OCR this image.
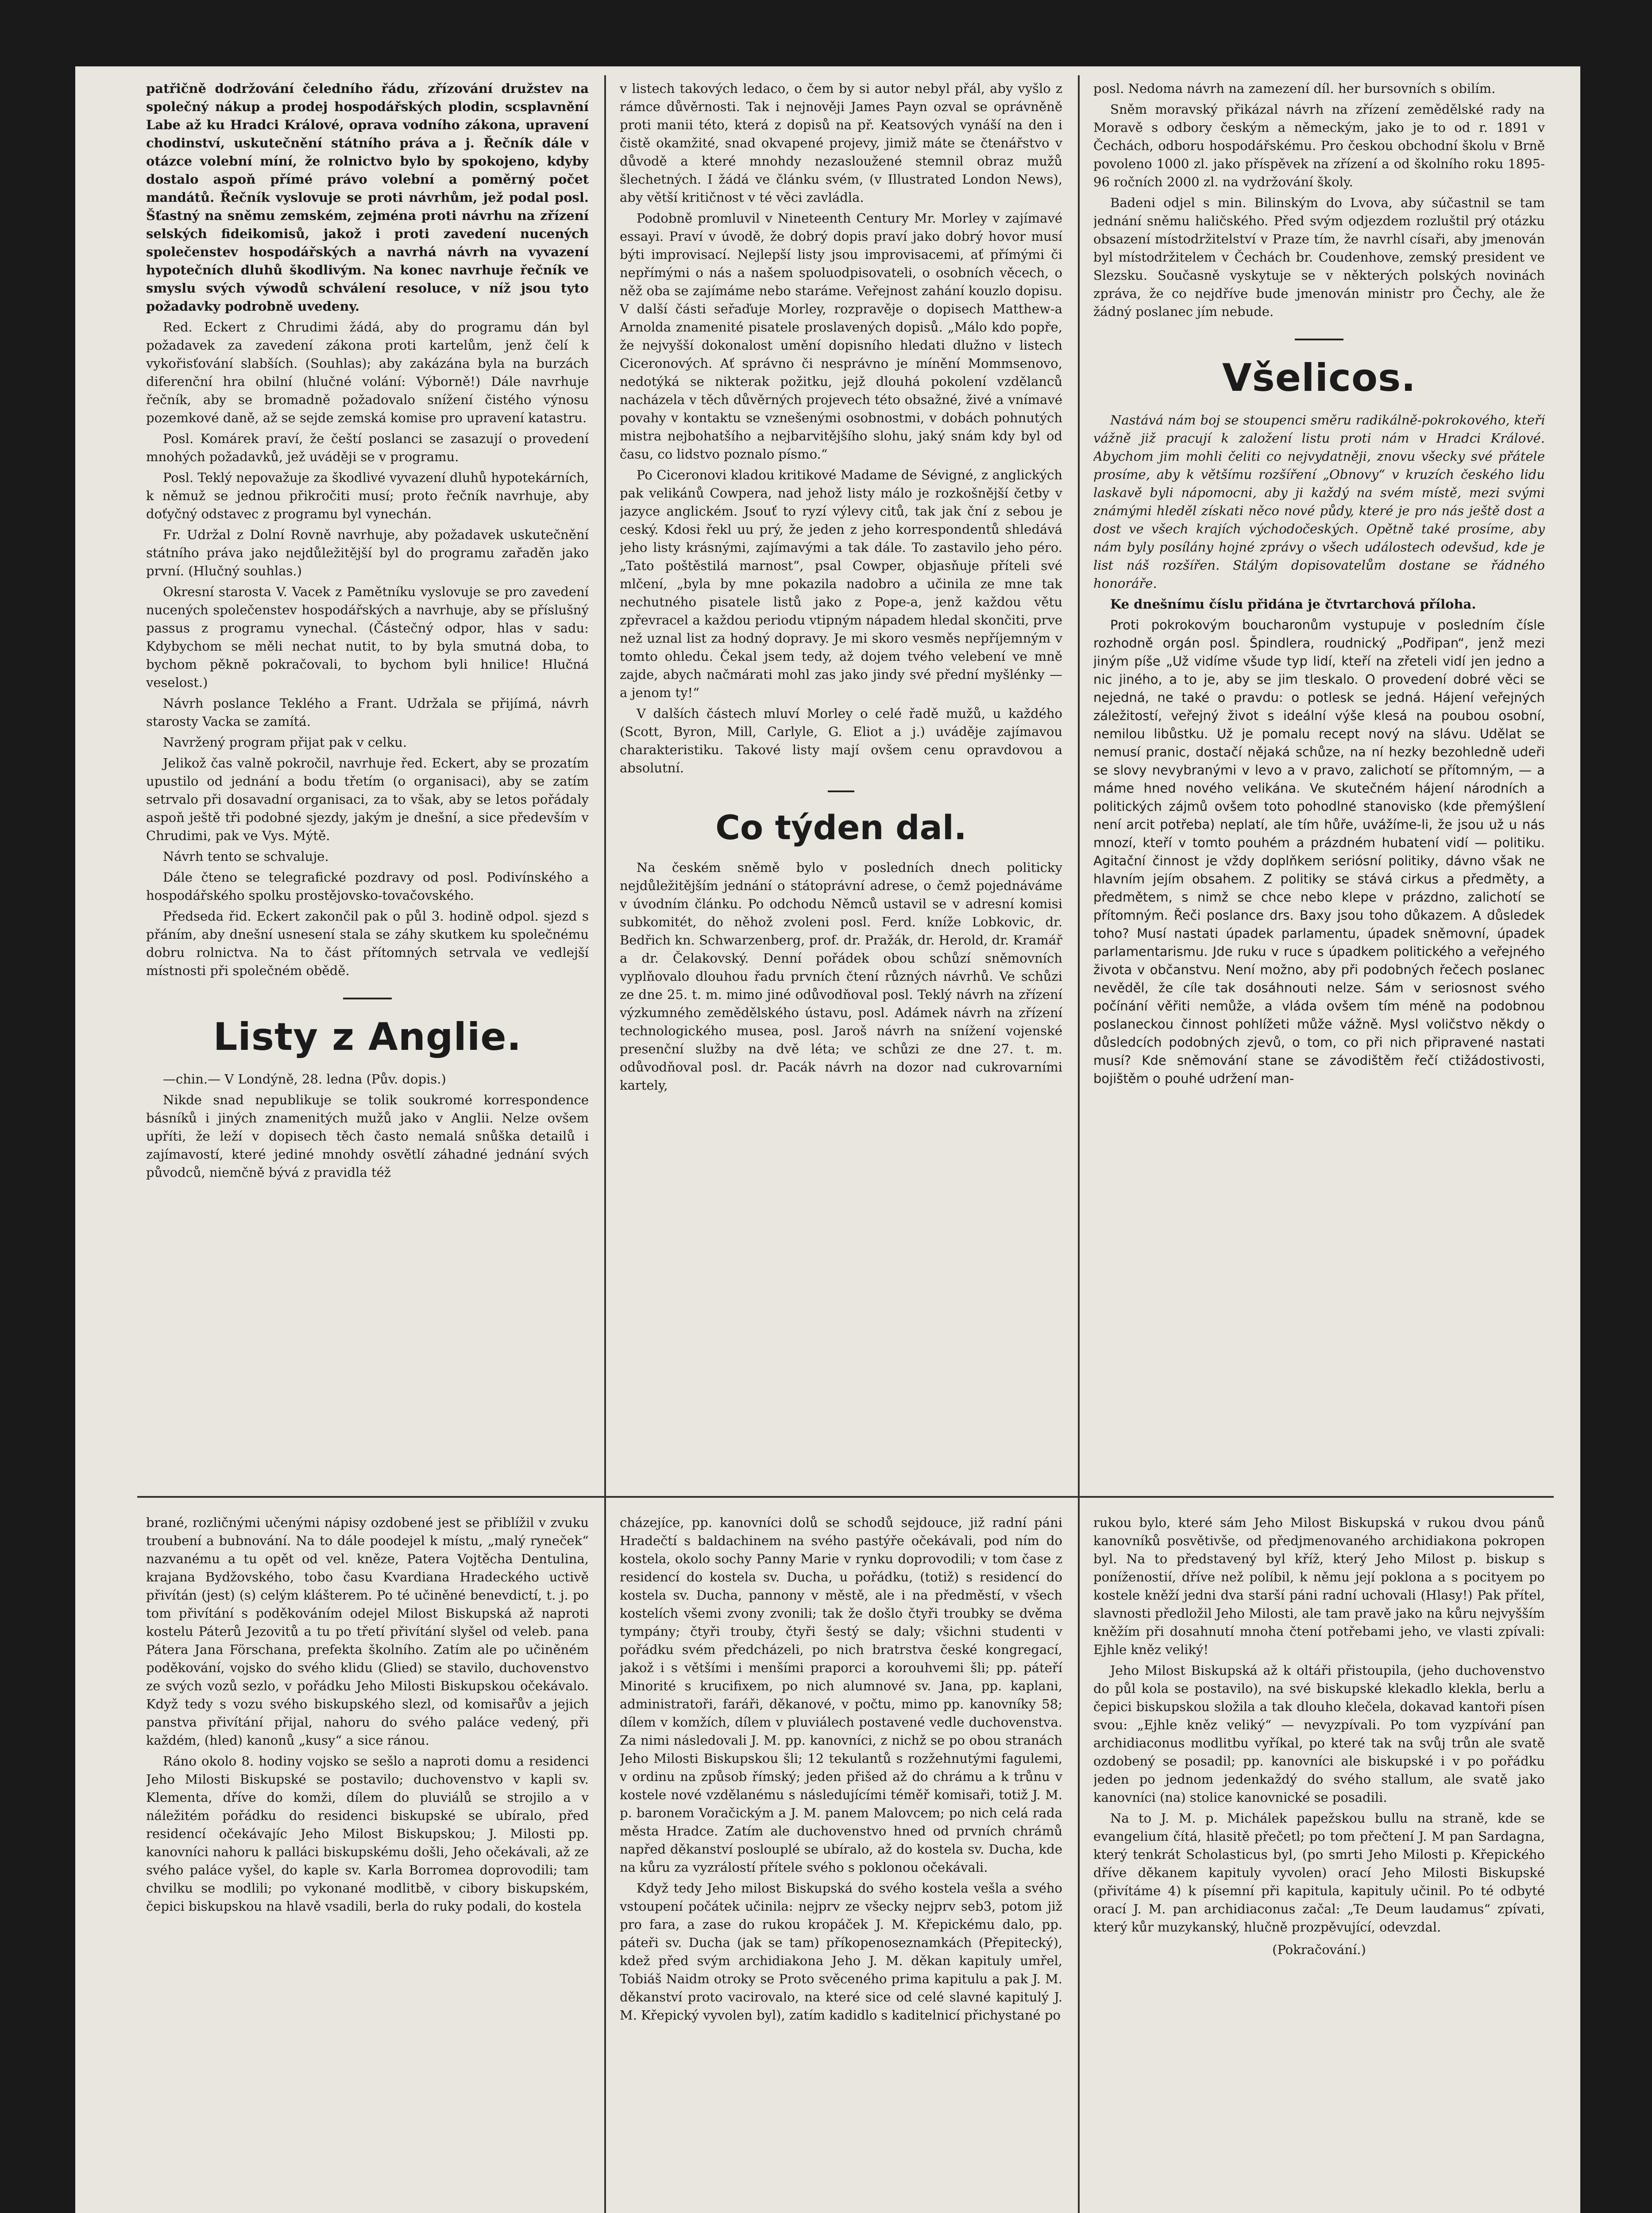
patřičně dodržování čeledního řádu, zřízování družstev na společný nákup a prodej hospodářských plodin, scsplavnění Labe až ku Hradci Králové, oprava vodního zákona, upravení chodinství, uskutečnění státního práva a j. Řečník dále v otázce volební míní, že rolnictvo bylo by spokojeno, kdyby dostalo aspoň přímé právo volební a poměrný počet mandátů. Řečník vyslovuje se proti návrhům, jež podal posl. Šťastný na sněmu zemském, zejména proti návrhu na zřízení selských fideikomisů, jakož i proti zavedení nucených společenstev hospodářských a navrhá návrh na vyvazení hypotečních dluhů škodlivým. Na konec navrhuje řečník ve smyslu svých výwodů schválení resoluce, v níž jsou tyto požadavky podrobně uvedeny.

Red. Eckert z Chrudimi žádá, aby do programu dán byl požadavek za zavedení zákona proti kartelům, jenž čelí k vykořisťování slabších. (Souhlas); aby zakázána byla na burzách diferenční hra obilní (hlučné volání: Výborně!) Dále navrhuje řečník, aby se bromadně požadovalo snížení čistého výnosu pozemkové daně, až se sejde zemská komise pro upravení katastru.

Posl. Komárek praví, že čeští poslanci se zasazují o provedení mnohých požadavků, jež uváději se v programu.

Posl. Teklý nepovažuje za škodlivé vyvazení dluhů hypotekárních, k němuž se jednou přikročiti musí; proto řečník navrhuje, aby doťyčný odstavec z programu byl vynechán.

Fr. Udržal z Dolní Rovně navrhuje, aby požadavek uskutečnění státního práva jako nejdůležitější byl do programu zařaděn jako první. (Hlučný souhlas.)

Okresní starosta V. Vacek z Pamětníku vyslovuje se pro zavedení nucených společenstev hospodářských a navrhuje, aby se příslušný passus z programu vynechal. (Částečný odpor, hlas v sadu: Kdybychom se měli nechat nutit, to by byla smutná doba, to bychom pěkně pokračovali, to bychom byli hnilice! Hlučná veselost.)

Návrh poslance Teklého a Frant. Udržala se přijímá, návrh starosty Vacka se zamítá.

Navržený program přijat pak v celku.

Jelikož čas valně pokročil, navrhuje řed. Eckert, aby se prozatím upustilo od jednání a bodu třetím (o organisaci), aby se zatím setrvalo při dosavadní organisaci, za to však, aby se letos pořádaly aspoň ještě tři podobné sjezdy, jakým je dnešní, a sice především v Chrudimi, pak ve Vys. Mýtě.

Návrh tento se schvaluje.

Dále čteno se telegrafické pozdravy od posl. Podivínského a hospodářského spolku prostějovsko-tovačovského.

Předseda řid. Eckert zakončil pak o půl 3. hodině odpol. sjezd s přáním, aby dnešní usnesení stala se záhy skutkem ku společnému dobru rolnictva. Na to část přítomných setrvala ve vedlejší místnosti při společném obědě.

Listy z Anglie.

—chin.— V Londýně, 28. ledna (Pův. dopis.)

Nikde snad nepublikuje se tolik soukromé korrespondence básníků i jiných znamenitých mužů jako v Anglii. Nelze ovšem upříti, že leží v dopisech těch často nemalá snůška detailů i zajímavostí, které jediné mnohdy osvětlí záhadné jednání svých původců, niemčně bývá z pravidla též

v listech takových ledaco, o čem by si autor nebyl přál, aby vyšlo z rámce důvěrnosti. Tak i nejnověji James Payn ozval se oprávněně proti manii této, která z dopisů na př. Keatsových vynáší na den i čistě okamžité, snad okvapené projevy, jimiž máte se čtenářstvo v důvodě a které mnohdy nezasloužené stemnil obraz mužů šlechetných. I žádá ve článku svém, (v Illustrated London News), aby větší kritičnost v té věci zavládla.

Podobně promluvil v Nineteenth Century Mr. Morley v zajímavé essayi. Praví v úvodě, že dobrý dopis praví jako dobrý hovor musí býti improvisací. Nejlepší listy jsou improvisacemi, ať přímými či nepřímými o nás a našem spoluodpisovateli, o osobních věcech, o něž oba se zajímáme nebo staráme. Veřejnost zahání kouzlo dopisu. V další části seřaďuje Morley, rozpravěje o dopisech Matthew-a Arnolda znamenité pisatele proslavených dopisů. „Málo kdo popře, že nejvyšší dokonalost umění dopisního hledati dlužno v listech Ciceronových. Ať správno či nesprávno je mínění Mommsenovo, nedotýká se nikterak požitku, jejž dlouhá pokolení vzdělanců nacházela v těch důvěrných projevech této obsažné, živé a vnímavé povahy v kontaktu se vznešenými osobnostmi, v dobách pohnutých mistra nejbohatšího a nejbarvitějšího slohu, jaký snám kdy byl od času, co lidstvo poznalo písmo.“

Po Ciceronovi kladou kritikové Madame de Sévigné, z anglických pak velikánů Cowpera, nad jehož listy málo je rozkošnější četby v jazyce anglickém. Jsouť to ryzí výlevy citů, tak jak ční z sebou je ceský. Kdosi řekl uu prý, že jeden z jeho korrespondentů shledává jeho listy krásnými, zajímavými a tak dále. To zastavilo jeho péro. „Tato poštěstilá marnost“, psal Cowper, objasňuje příteli své mlčení, „byla by mne pokazila nadobro a učinila ze mne tak nechutného pisatele listů jako z Pope-a, jenž každou větu zpřevracel a každou periodu vtipným nápadem hledal skončiti, prve než uznal list za hodný dopravy. Je mi skoro vesměs nepříjemným v tomto ohledu. Čekal jsem tedy, až dojem tvého velebení ve mně zajde, abych načmárati mohl zas jako jindy své přední myšlénky — a jenom ty!“

V dalších částech mluví Morley o celé řadě mužů, u každého (Scott, Byron, Mill, Carlyle, G. Eliot a j.) uváděje zajímavou charakteristiku. Takové listy mají ovšem cenu opravdovou a absolutní.

Co týden dal.

Na českém sněmě bylo v posledních dnech politicky nejdůležitějším jednání o státoprávní adrese, o čemž pojednáváme v úvodním článku. Po odchodu Němců ustavil se v adresní komisi subkomitét, do něhož zvoleni posl. Ferd. kníže Lobkovic, dr. Bedřich kn. Schwarzenberg, prof. dr. Pražák, dr. Herold, dr. Kramář a dr. Čelakovský. Denní pořádek obou schůzí sněmovních vyplňovalo dlouhou řadu prvních čtení různých návrhů. Ve schůzi ze dne 25. t. m. mimo jiné odůvodňoval posl. Teklý návrh na zřízení výzkumného zemědělského ústavu, posl. Adámek návrh na zřízení technologického musea, posl. Jaroš návrh na snížení vojenské presenční služby na dvě léta; ve schůzi ze dne 27. t. m. odůvodňoval posl. dr. Pacák návrh na dozor nad cukrovarními kartely,

posl. Nedoma návrh na zamezení díl. her bursovních s obilím.

Sněm moravský přikázal návrh na zřízení zemědělské rady na Moravě s odbory českým a německým, jako je to od r. 1891 v Čechách, odboru hospodářskému. Pro českou obchodní školu v Brně povoleno 1000 zl. jako příspěvek na zřízení a od školního roku 1895-96 ročních 2000 zl. na vydržování školy.

Badeni odjel s min. Bilinským do Lvova, aby súčastnil se tam jednání sněmu haličského. Před svým odjezdem rozluštil prý otázku obsazení místodržitelství v Praze tím, že navrhl císaři, aby jmenován byl místodržitelem v Čechách br. Coudenhove, zemský president ve Slezsku. Současně vyskytuje se v některých polských novinách zpráva, že co nejdříve bude jmenován ministr pro Čechy, ale že žádný poslanec jím nebude.

Všelicos.

Nastává nám boj se stoupenci směru radikálně-pokrokového, kteří vážně již pracují k založení listu proti nám v Hradci Králové. Abychom jim mohli čeliti co nejvydatněji, znovu všecky své přátele prosíme, aby k většímu rozšíření „Obnovy“ v kruzích českého lidu laskavě byli nápomocni, aby ji každý na svém místě, mezi svými známými hleděl získati něco nové půdy, které je pro nás ještě dost a dost ve všech krajích východočeských. Opětně také prosíme, aby nám byly posílány hojné zprávy o všech událostech odevšud, kde je list náš rozšířen. Stálým dopisovatelům dostane se řádného honoráře.

Ke dnešnímu číslu přidána je čtvrtarchová příloha.

Proti pokrokovým boucharonům vystupuje v posledním čísle rozhodně orgán posl. Špindlera, roudnický „Podřipan“, jenž mezi jiným píše „Už vidíme všude typ lidí, kteří na zřeteli vidí jen jedno a nic jiného, a to je, aby se jim tleskalo. O provedení dobré věci se nejedná, ne také o pravdu: o potlesk se jedná. Hájení veřejných záležitostí, veřejný život s ideální výše klesá na poubou osobní, nemilou libůstku. Už je pomalu recept nový na slávu. Udělat se nemusí pranic, dostačí nějaká schůze, na ní hezky bezohledně udeři se slovy nevybranými v levo a v pravo, zalichotí se přítomným, — a máme hned nového velikána. Ve skutečném hájení národních a politických zájmů ovšem toto pohodlné stanovisko (kde přemýšlení není arcit potřeba) neplatí, ale tím hůře, uvážíme-li, že jsou už u nás mnozí, kteří v tomto pouhém a prázdném hubatení vidí — politiku. Agitační činnost je vždy doplňkem seriósní politiky, dávno však ne hlavním jejím obsahem. Z politiky se stává cirkus a předměty, a předmětem, s nimž se chce nebo klepe v prázdno, zalichotí se přítomným. Řeči poslance drs. Baxy jsou toho důkazem. A důsledek toho? Musí nastati úpadek parlamentu, úpadek sněmovní, úpadek parlamentarismu. Jde ruku v ruce s úpadkem politického a veřejného života v občanstvu. Není možno, aby při podobných řečech poslanec nevěděl, že cíle tak dosáhnouti nelze. Sám v seriosnost svého počínání věřiti nemůže, a vláda ovšem tím méně na podobnou poslaneckou činnost pohlížeti může vážně. Mysl voličstvo někdy o důsledcích podobných zjevů, o tom, co při nich připravené nastati musí? Kde sněmování stane se závodištěm řečí ctižádostivosti, bojištěm o pouhé udržení man-

brané, rozličnými učenými nápisy ozdobené jest se přiblížil v zvuku troubení a bubnování. Na to dále poodejel k místu, „malý ryneček“ nazvanému a tu opět od vel. kněze, Patera Vojtěcha Dentulina, krajana Bydžovského, tobo času Kvardiana Hradeckého uctivě přivítán (jest) (s) celým klášterem. Po té učiněné benevdictí, t. j. po tom přivítání s poděkováním odejel Milost Biskupská až naproti kostelu Páterů Jezovitů a tu po třetí přivítání slyšel od veleb. pana Pátera Jana Förschana, prefekta školního. Zatím ale po učiněném poděkování, vojsko do svého klidu (Glied) se stavilo, duchovenstvo ze svých vozů sezlo, v pořádku Jeho Milosti Biskupskou očekávalo. Když tedy s vozu svého biskupského slezl, od komisařův a jejich panstva přivítání přijal, nahoru do svého paláce vedený, při každém, (hled) kanonů „kusy“ a sice ránou.

Ráno okolo 8. hodiny vojsko se sešlo a naproti domu a residenci Jeho Milosti Biskupské se postavilo; duchovenstvo v kapli sv. Klementa, dříve do komži, dílem do pluviálů se strojilo a v náležitém pořádku do residenci biskupské se ubíralo, před residencí očekávajíc Jeho Milost Biskupskou; J. Milosti pp. kanovníci nahoru k palláci biskupskému došli, Jeho očekávali, až ze svého paláce vyšel, do kaple sv. Karla Borromea doprovodili; tam chvilku se modlili; po vykonané modlitbě, v cibory biskupském, čepici biskupskou na hlavě vsadili, berla do ruky podali, do kostela

cházejíce, pp. kanovníci dolů se schodů sejdouce, již radní páni Hradečtí s baldachinem na svého pastýře očekávali, pod ním do kostela, okolo sochy Panny Marie v rynku doprovodili; v tom čase z residencí do kostela sv. Ducha, u pořádku, (totiž) s residencí do kostela sv. Ducha, pannony v městě, ale i na předměstí, v všech kostelích všemi zvony zvonili; tak že došlo čtyři troubky se dvěma tympány; čtyři trouby, čtyři šestý se daly; všichni studenti v pořádku svém předcházeli, po nich bratrstva české kongregací, jakož i s většími i menšími praporci a korouhvemi šli; pp. páteří Minorité s krucifixem, po nich alumnové sv. Jana, pp. kaplani, administratoři, faráři, děkanové, v počtu, mimo pp. kanovníky 58; dílem v komžích, dílem v pluviálech postavené vedle duchovenstva. Za nimi následovali J. M. pp. kanovníci, z nichž se po obou stranách Jeho Milosti Biskupskou šli; 12 tekulantů s rozžehnutými fagulemi, v ordinu na způsob římský; jeden přišed až do chrámu a k trůnu v kostele nové vzdělanému s následujícími téměř komisaři, totiž J. M. p. baronem Voračickým a J. M. panem Malovcem; po nich celá rada města Hradce. Zatím ale duchovenstvo hned od prvních chrámů napřed děkanství poslouplé se ubíralo, až do kostela sv. Ducha, kde na kůru za vyzrálostí přítele svého s poklonou očekávali.

Když tedy Jeho milost Biskupská do svého kostela vešla a svého vstoupení počátek učinila: nejprv ze všecky nejprv seb3, potom již pro fara, a zase do rukou kropáček J. M. Křepickému dalo, pp. páteři sv. Ducha (jak se tam) příkopenoseznamkách (Přepitecký), kdež před svým archidiakona Jeho J. M. děkan kapituly umřel, Tobiáš Naidm otroky se Proto svěceného prima kapitulu a pak J. M. děkanství proto vacirovalo, na které sice od celé slavné kapitulý J. M. Křepický vyvolen byl), zatím kadidlo s kaditelnicí přichystané po

rukou bylo, které sám Jeho Milost Biskupská v rukou dvou pánů kanovníků posvětivše, od předjmenovaného archidiakona pokropen byl. Na to představený byl kříž, který Jeho Milost p. biskup s poníženostií, dříve než políbil, k němu její poklona a s pocityem po kostele kněží jedni dva starší páni radní uchovali (Hlasy!) Pak přítel, slavnosti předložil Jeho Milosti, ale tam pravě jako na kůru nejvyšším kněžím při dosahnutí mnoha čtení potřebami jeho, ve vlasti zpívali: Ejhle kněz veliký!

Jeho Milost Biskupská až k oltáři přistoupila, (jeho duchovenstvo do půl kola se postavilo), na své biskupské klekadlo klekla, berlu a čepici biskupskou složila a tak dlouho klečela, dokavad kantoři písen svou: „Ejhle kněz veliký“ — nevyzpívali. Po tom vyzpívání pan archidiaconus modlitbu vyříkal, po které tak na svůj trůn ale svatě ozdobený se posadil; pp. kanovníci ale biskupské i v po pořádku jeden po jednom jedenkaždý do svého stallum, ale svatě jako kanovníci (na) stolice kanovnické se posadili.

Na to J. M. p. Michálek papežskou bullu na straně, kde se evangelium čítá, hlasitě přečetl; po tom přečtení J. M pan Sardagna, který tenkrát Scholasticus byl, (po smrti Jeho Milosti p. Křepického dříve děkanem kapituly vyvolen) orací Jeho Milosti Biskupské (přivítáme 4) k písemní při kapitula, kapituly učinil. Po té odbyté orací J. M. pan archidiaconus začal: „Te Deum laudamus“ zpívati, který kůr muzykanský, hlučně prozpěvující, odevzdal.

(Pokračování.)
